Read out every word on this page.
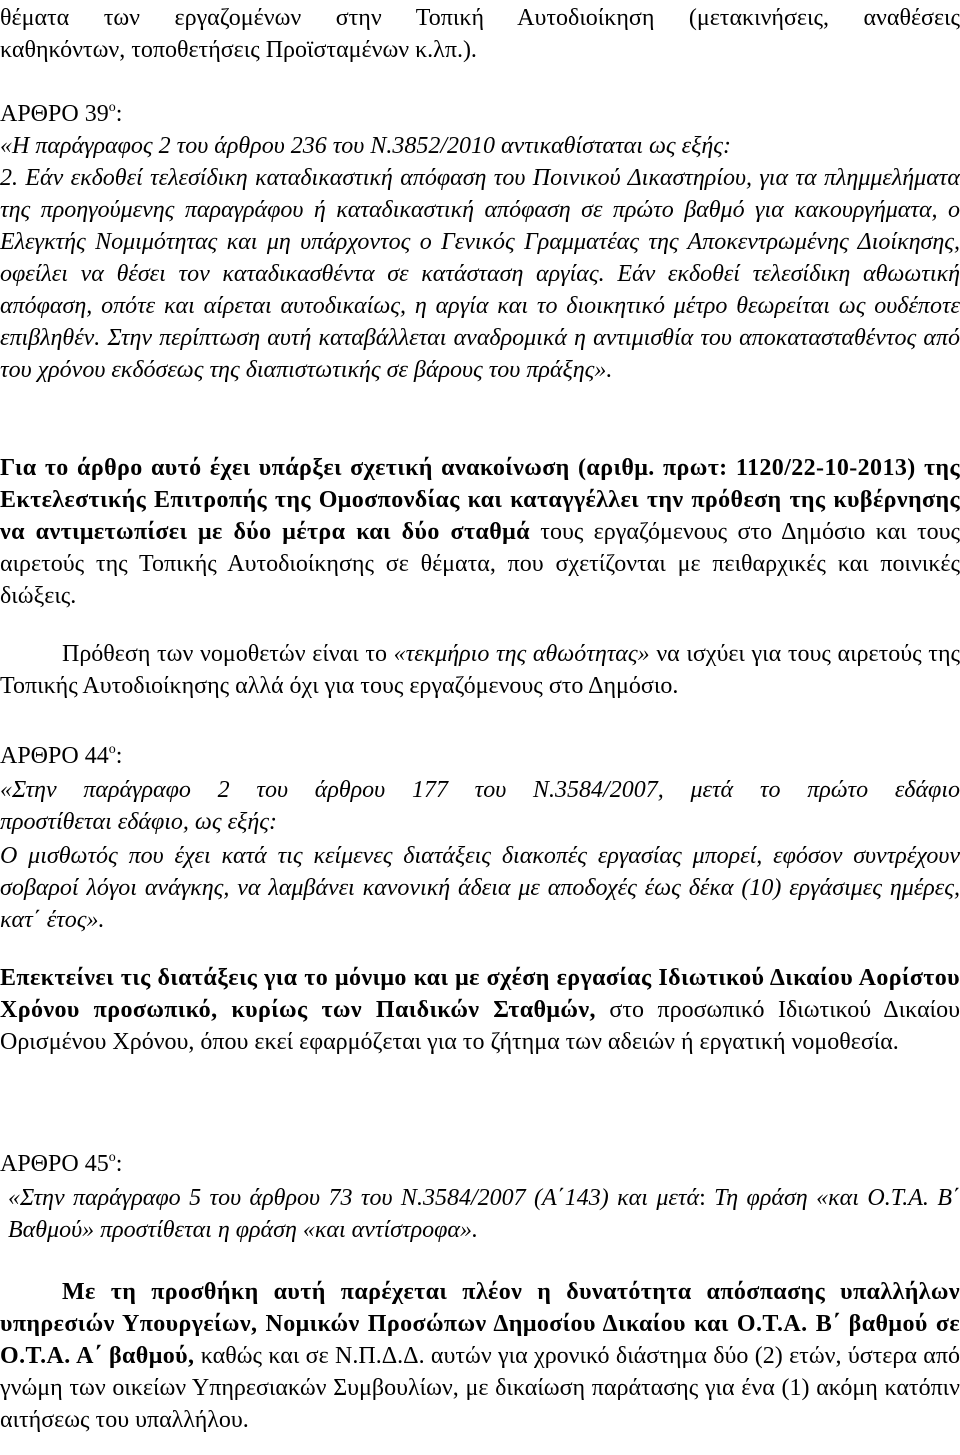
θέματα των εργαζομένων στην Τοπική Αυτοδιοίκηση (μετακινήσεις, αναθέσεις

καθηκόντων, τοποθετήσεις Προϊσταμένων κ.λπ.).

ΑΡΘΡΟ $39^o$:

«Η παράγραφος 2 του άρθρου 236 του Ν.3852/2010 αντικαθίσταται ως εξής:

2. Εάν εκδοθεί τελεσίδικη καταδικαστική απόφαση του Ποινικού Δικαστηρίου, για τα πλημμελήματα της προηγούμενης παραγράφου ή καταδικαστική απόφαση σε πρώτο βαθμό για κακουργήματα, ο Ελεγκτής Νομιμότητας και μη υπάρχοντος ο Γενικός Γραμματέας της Αποκεντρωμένης Διοίκησης, οφείλει να θέσει τον καταδικασθέντα σε κατάσταση αργίας. Εάν εκδοθεί τελεσίδικη αθωωτική απόφαση, οπότε και αίρεται αυτοδικαίως, η αργία και το διοικητικό μέτρο θεωρείται ως ουδέποτε επιβληθέν. Στην περίπτωση αυτή καταβάλλεται αναδρομικά η αντιμισθία του αποκατασταθέντος από του χρόνου εκδόσεως της διαπιστωτικής σε βάρους του πράξης».

Για το άρθρο αυτό έχει υπάρξει σχετική ανακοίνωση (αριθμ. πρωτ: 1120/22-10-2013) της Εκτελεστικής Επιτροπής της Ομοσπονδίας και καταγγέλλει την πρόθεση της κυβέρνησης να αντιμετωπίσει με δύο μέτρα και δύο σταθμά τους εργαζόμενους στο Δημόσιο και τους αιρετούς της Τοπικής Αυτοδιοίκησης σε θέματα, που σχετίζονται με πειθαρχικές και ποινικές διώξεις.

Πρόθεση των νομοθετών είναι το «τεκμήριο της αθωότητας» να ισχύει για τους αιρετούς της Τοπικής Αυτοδιοίκησης αλλά όχι για τους εργαζόμενους στο Δημόσιο.

ΑΡΘΡΟ $44^o$:

«Στην παράγραφο 2 του άρθρου 177 του Ν.3584/2007, μετά το πρώτο εδάφιο

προστίθεται εδάφιο, ως εξής:

Ο μισθωτός που έχει κατά τις κείμενες διατάξεις διακοπές εργασίας μπορεί, εφόσον συντρέχουν σοβαροί λόγοι ανάγκης, να λαμβάνει κανονική άδεια με αποδοχές έως δέκα (10) εργάσιμες ημέρες, κατ΄ έτος».

Επεκτείνει τις διατάξεις για το μόνιμο και με σχέση εργασίας Ιδιωτικού Δικαίου Αορίστου Χρόνου προσωπικό, κυρίως των Παιδικών Σταθμών, στο προσωπικό Ιδιωτικού Δικαίου Ορισμένου Χρόνου, όπου εκεί εφαρμόζεται για το ζήτημα των αδειών ή εργατική νομοθεσία.

ΑΡΘΡΟ $45^o$:

«Στην παράγραφο 5 του άρθρου 73 του Ν.3584/2007 (Α΄143) και μετά: Τη φράση «και Ο.Τ.Α. Β΄ Βαθμού» προστίθεται η φράση «και αντίστροφα».

Με τη προσθήκη αυτή παρέχεται πλέον η δυνατότητα απόσπασης υπαλλήλων υπηρεσιών Υπουργείων, Νομικών Προσώπων Δημοσίου Δικαίου και Ο.Τ.Α. Β΄ βαθμού σε Ο.Τ.Α. Α΄ βαθμού, καθώς και σε Ν.Π.Δ.Δ. αυτών για χρονικό διάστημα δύο (2) ετών, ύστερα από γνώμη των οικείων Υπηρεσιακών Συμβουλίων, με δικαίωση παράτασης για ένα (1) ακόμη κατόπιν αιτήσεως του υπαλλήλου.
